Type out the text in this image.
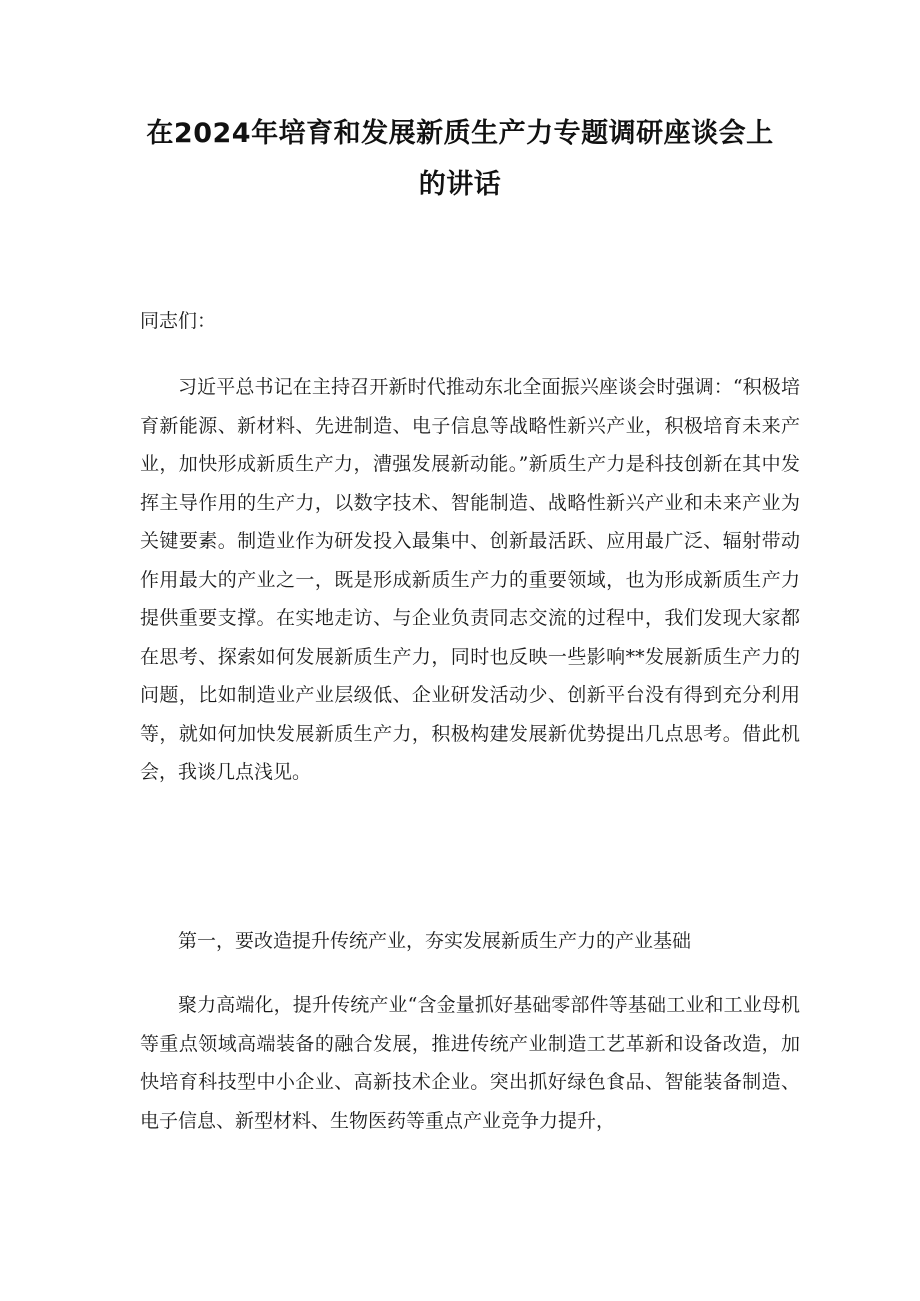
在2024年培育和发展新质生产力专题调研座谈会上
的讲话
同志们：
习近平总书记在主持召开新时代推动东北全面振兴座谈会时强调：“积极培育新能源、新材料、先进制造、电子信息等战略性新兴产业，积极培育未来产业，加快形成新质生产力，漕强发展新动能。”新质生产力是科技创新在其中发挥主导作用的生产力，以数字技术、智能制造、战略性新兴产业和未来产业为关键要素。制造业作为研发投入最集中、创新最活跃、应用最广泛、辐射带动作用最大的产业之一，既是形成新质生产力的重要领域，也为形成新质生产力提供重要支撑。在实地走访、与企业负责同志交流的过程中，我们发现大家都在思考、探索如何发展新质生产力，同时也反映一些影响**发展新质生产力的问题，比如制造业产业层级低、企业研发活动少、创新平台没有得到充分利用等，就如何加快发展新质生产力，积极构建发展新优势提出几点思考。借此机会，我谈几点浅见。
第一，要改造提升传统产业，夯实发展新质生产力的产业基础
聚力高端化，提升传统产业“含金量抓好基础零部件等基础工业和工业母机等重点领域高端装备的融合发展，推进传统产业制造工艺革新和设备改造，加快培育科技型中小企业、高新技术企业。突出抓好绿色食品、智能装备制造、电子信息、新型材料、生物医药等重点产业竞争力提升，
